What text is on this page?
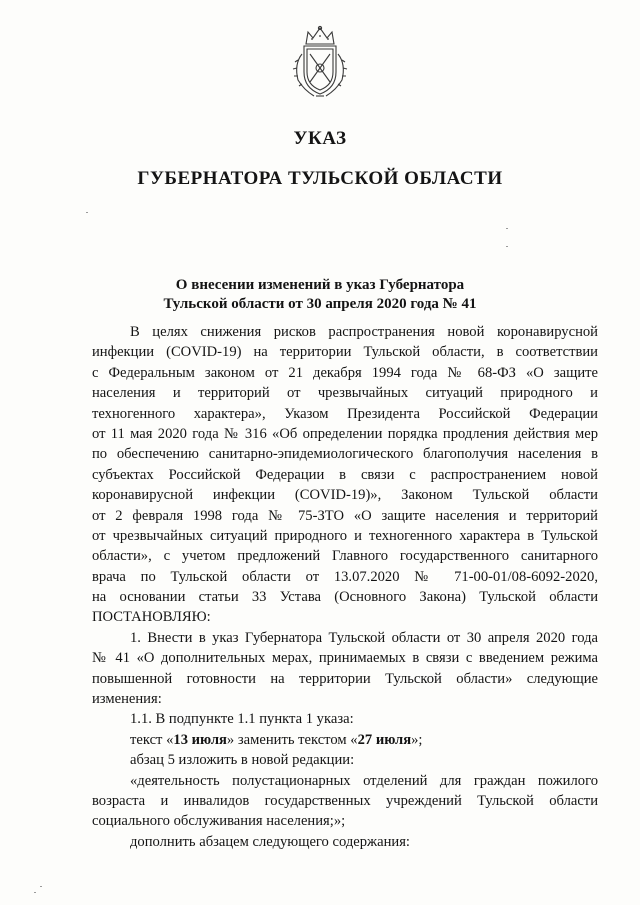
УКАЗ
ГУБЕРНАТОРА ТУЛЬСКОЙ ОБЛАСТИ
О внесении изменений в указ Губернатора
Тульской области от 30 апреля 2020 года № 41
В целях снижения рисков распространения новой коронавирусной
инфекции (COVID-19) на территории Тульской области, в соответствии
с Федеральным законом от 21 декабря 1994 года № 68-ФЗ «О защите
населения и территорий от чрезвычайных ситуаций природного и
техногенного характера», Указом Президента Российской Федерации
от 11 мая 2020 года № 316 «Об определении порядка продления действия мер
по обеспечению санитарно-эпидемиологического благополучия населения в
субъектах Российской Федерации в связи с распространением новой
коронавирусной инфекции (COVID-19)», Законом Тульской области
от 2 февраля 1998 года № 75-ЗТО «О защите населения и территорий
от чрезвычайных ситуаций природного и техногенного характера в Тульской
области», с учетом предложений Главного государственного санитарного
врача по Тульской области от 13.07.2020 № 71-00-01/08-6092-2020,
на основании статьи 33 Устава (Основного Закона) Тульской области
ПОСТАНОВЛЯЮ:
1. Внести в указ Губернатора Тульской области от 30 апреля 2020 года
№ 41 «О дополнительных мерах, принимаемых в связи с введением режима
повышенной готовности на территории Тульской области» следующие
изменения:
1.1. В подпункте 1.1 пункта 1 указа:
текст «13 июля» заменить текстом «27 июля»;
абзац 5 изложить в новой редакции:
«деятельность полустационарных отделений для граждан пожилого
возраста и инвалидов государственных учреждений Тульской области
социального обслуживания населения;»;
дополнить абзацем следующего содержания:
